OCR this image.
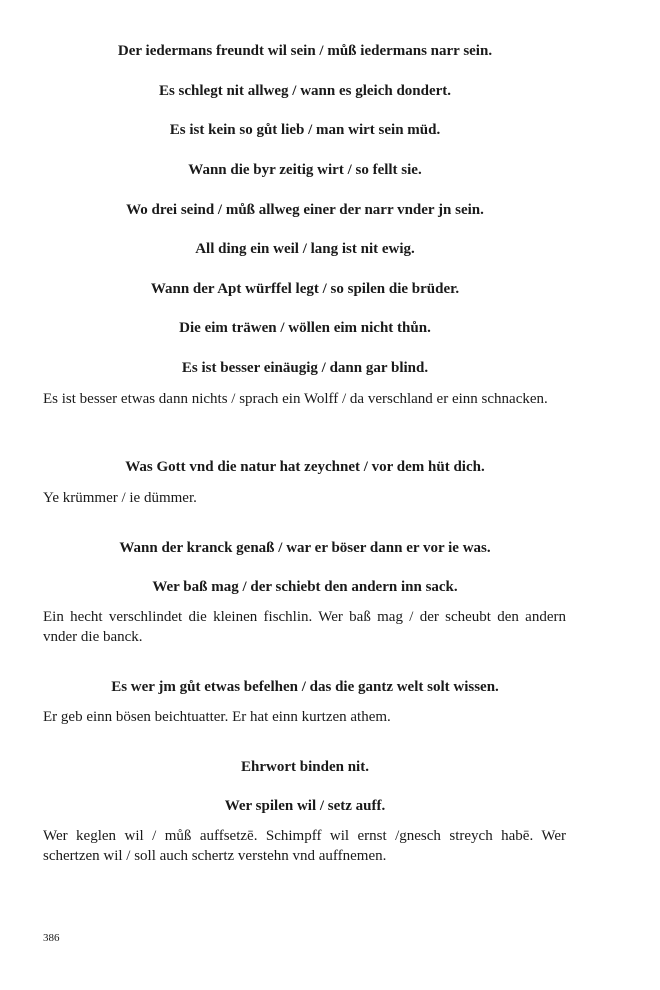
Der iedermans freundt wil sein / můß iedermans narr sein.
Es schlegt nit allweg / wann es gleich dondert.
Es ist kein so gůt lieb / man wirt sein müd.
Wann die byr zeitig wirt / so fellt sie.
Wo drei seind / můß allweg einer der narr vnder jn sein.
All ding ein weil / lang ist nit ewig.
Wann der Apt würffel legt / so spilen die brüder.
Die eim träwen / wöllen eim nicht thůn.
Es ist besser einäugig / dann gar blind.
Es ist besser etwas dann nichts / sprach ein Wolff / da verschland er einn schnacken.
Was Gott vnd die natur hat zeychnet / vor dem hüt dich.
Ye krümmer / ie dümmer.
Wann der kranck genaß / war er böser dann er vor ie was.
Wer baß mag / der schiebt den andern inn sack.
Ein hecht verschlindet die kleinen fischlin. Wer baß mag / der scheubt den andern vnder die banck.
Es wer jm gůt etwas befelhen / das die gantz welt solt wissen.
Er geb einn bösen beichtuatter. Er hat einn kurtzen athem.
Ehrwort binden nit.
Wer spilen wil / setz auff.
Wer keglen wil / můß auffsetzē. Schimpff wil ernst /gnesch streych habē. Wer schertzen wil / soll auch schertz verstehn vnd auffnemen.
386
